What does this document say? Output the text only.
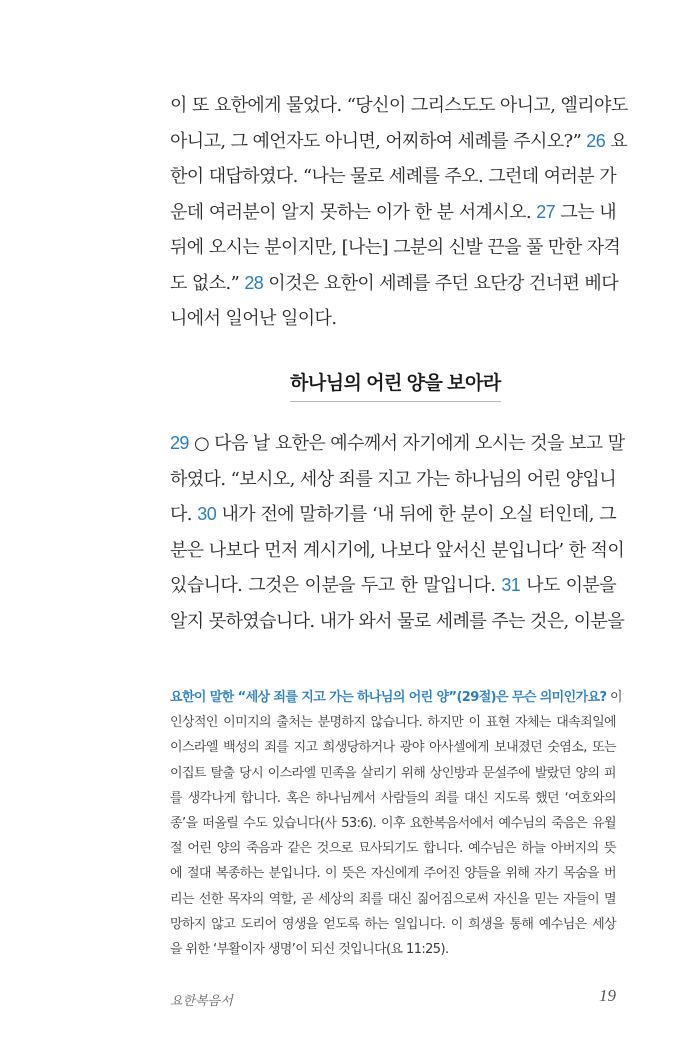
이 또 요한에게 물었다. “당신이 그리스도도 아니고, 엘리야도
아니고, 그 예언자도 아니면, 어찌하여 세례를 주시오?” 26 요
한이 대답하였다. “나는 물로 세례를 주오. 그런데 여러분 가
운데 여러분이 알지 못하는 이가 한 분 서계시오. 27 그는 내
뒤에 오시는 분이지만, [나는] 그분의 신발 끈을 풀 만한 자격
도 없소.” 28 이것은 요한이 세례를 주던 요단강 건너편 베다
니에서 일어난 일이다.
하나님의 어린 양을 보아라
29 ○ 다음 날 요한은 예수께서 자기에게 오시는 것을 보고 말
하였다. “보시오, 세상 죄를 지고 가는 하나님의 어린 양입니
다. 30 내가 전에 말하기를 ‘내 뒤에 한 분이 오실 터인데, 그
분은 나보다 먼저 계시기에, 나보다 앞서신 분입니다’ 한 적이
있습니다. 그것은 이분을 두고 한 말입니다. 31 나도 이분을
알지 못하였습니다. 내가 와서 물로 세례를 주는 것은, 이분을
요한이 말한 “세상 죄를 지고 가는 하나님의 어린 양”(29절)은 무슨 의미인가요? 이
인상적인 이미지의 출처는 분명하지 않습니다. 하지만 이 표현 자체는 대속죄일에
이스라엘 백성의 죄를 지고 희생당하거나 광야 아사셀에게 보내졌던 숫염소, 또는
이집트 탈출 당시 이스라엘 민족을 살리기 위해 상인방과 문설주에 발랐던 양의 피
를 생각나게 합니다. 혹은 하나님께서 사람들의 죄를 대신 지도록 했던 ‘여호와의
종’을 떠올릴 수도 있습니다(사 53:6). 이후 요한복음서에서 예수님의 죽음은 유월
절 어린 양의 죽음과 같은 것으로 묘사되기도 합니다. 예수님은 하늘 아버지의 뜻
에 절대 복종하는 분입니다. 이 뜻은 자신에게 주어진 양들을 위해 자기 목숨을 버
리는 선한 목자의 역할, 곧 세상의 죄를 대신 짊어짐으로써 자신을 믿는 자들이 멸
망하지 않고 도리어 영생을 얻도록 하는 일입니다. 이 희생을 통해 예수님은 세상
을 위한 ‘부활이자 생명’이 되신 것입니다(요 11:25).
요한복음서	19
